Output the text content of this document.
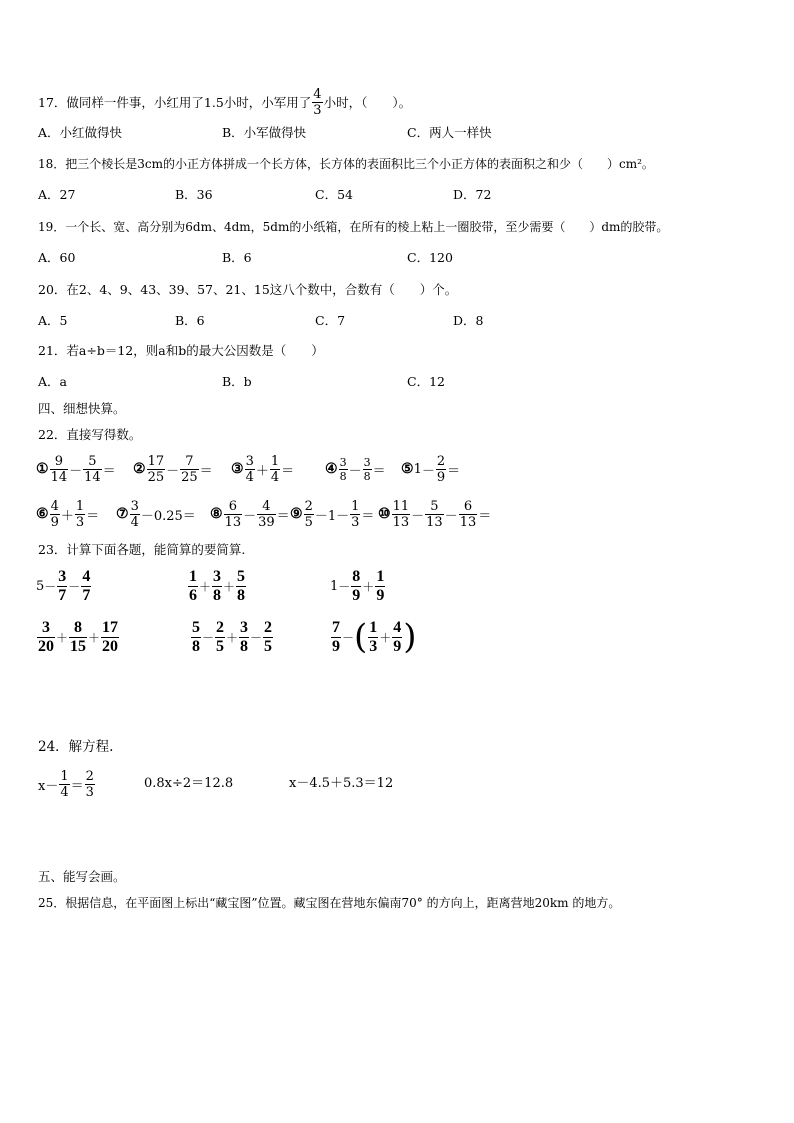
17．做同样一件事，小红用了1.5小时，小军用了 $\frac{4}{3}$ 小时，（　　）。
A．小红做得快	B．小军做得快	C．两人一样快
18．把三个棱长是3cm的小正方体拼成一个长方体，长方体的表面积比三个小正方体的表面积之和少（　　）cm²。
A．27	B．36	C．54	D．72
19．一个长、宽、高分别为6dm、4dm，5dm的小纸箱，在所有的棱上粘上一圈胶带，至少需要（　　）dm的胶带。
A．60	B．6	C．120
20．在2、4、9、43、39、57、21、15这八个数中，合数有（　　）个。
A．5	B．6	C．7	D．8
21．若a÷b＝12，则a和b的最大公因数是（　　）
A．a	B．b	C．12
四、细想快算。
22．直接写得数。
① $\frac{9}{14} - \frac{5}{14}$ ＝ ② $\frac{17}{25} - \frac{7}{25}$ ＝ ③ $\frac{3}{4} + \frac{1}{4}$ ＝ ④ $\frac{3}{8} - \frac{3}{8}$ ＝ ⑤ $1 - \frac{2}{9}$ ＝
⑥ $\frac{4}{9} + \frac{1}{3}$ ＝ ⑦ $\frac{3}{4} -0.25=$ ⑧ $\frac{6}{13} - \frac{4}{39}$ ＝ ⑨ $\frac{2}{5} -1- \frac{1}{3}$ ＝ ⑩ $\frac{11}{13} - \frac{5}{13} - \frac{6}{13}$ ＝
23．计算下面各题，能简算的要简算.
$5 - \frac{3}{7} - \frac{4}{7}$	$\frac{1}{6} + \frac{3}{8} + \frac{5}{8}$	$1 - \frac{8}{9} + \frac{1}{9}$
$\frac{3}{20} + \frac{8}{15} + \frac{17}{20}$	$\frac{5}{8} - \frac{2}{5} + \frac{3}{8} - \frac{2}{5}$	$\frac{7}{9}$ － ( $\frac{1}{3} + \frac{4}{9}$ )
24．解方程.
$x- \frac{1}{4} = \frac{2}{3}$	0.8x÷2＝12.8	x－4.5＋5.3＝12
五、能写会画。
25．根据信息，在平面图上标出“藏宝图”位置。藏宝图在营地东偏南70° 的方向上，距离营地20km 的地方。
